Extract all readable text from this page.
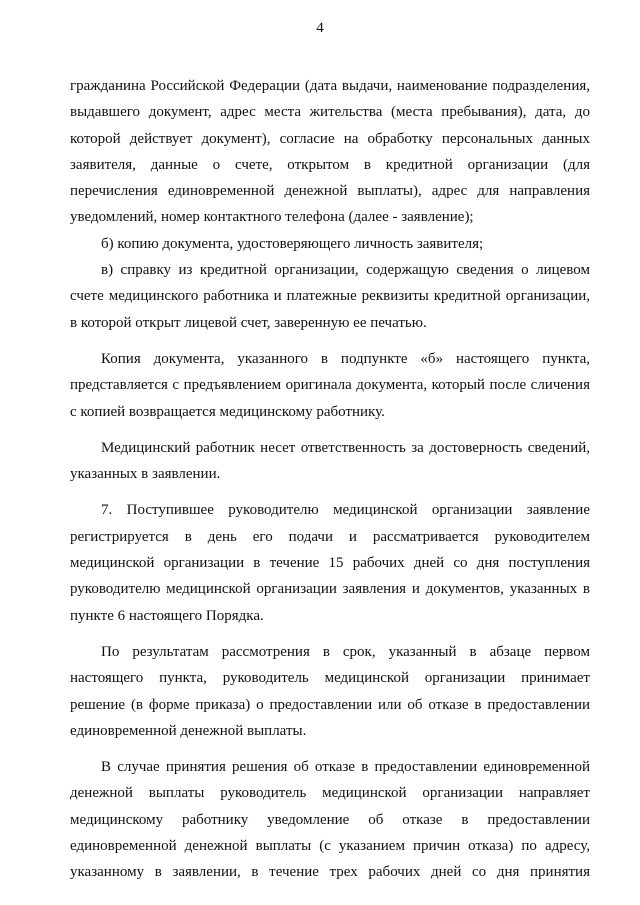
4
гражданина Российской Федерации (дата выдачи, наименование подразделения,
выдавшего документ, адрес места жительства (места пребывания), дата, до
которой действует документ), согласие на обработку персональных данных
заявителя, данные о счете, открытом в кредитной организации (для
перечисления единовременной денежной выплаты), адрес для направления
уведомлений, номер контактного телефона (далее - заявление);
б) копию документа, удостоверяющего личность заявителя;
в) справку из кредитной организации, содержащую сведения о лицевом
счете медицинского работника и платежные реквизиты кредитной организации,
в которой открыт лицевой счет, заверенную ее печатью.
Копия документа, указанного в подпункте «б» настоящего пункта,
представляется с предъявлением оригинала документа, который после сличения
с копией возвращается медицинскому работнику.
Медицинский работник несет ответственность за достоверность сведений,
указанных в заявлении.
7. Поступившее руководителю медицинской организации заявление
регистрируется в день его подачи и рассматривается руководителем
медицинской организации в течение 15 рабочих дней со дня поступления
руководителю медицинской организации заявления и документов, указанных в
пункте 6 настоящего Порядка.
По результатам рассмотрения в срок, указанный в абзаце первом
настоящего пункта, руководитель медицинской организации принимает
решение (в форме приказа) о предоставлении или об отказе в предоставлении
единовременной денежной выплаты.
В случае принятия решения об отказе в предоставлении единовременной
денежной выплаты руководитель медицинской организации направляет
медицинскому работнику уведомление об отказе в предоставлении
единовременной денежной выплаты (с указанием причин отказа) по адресу,
указанному в заявлении, в течение трех рабочих дней со дня принятия
